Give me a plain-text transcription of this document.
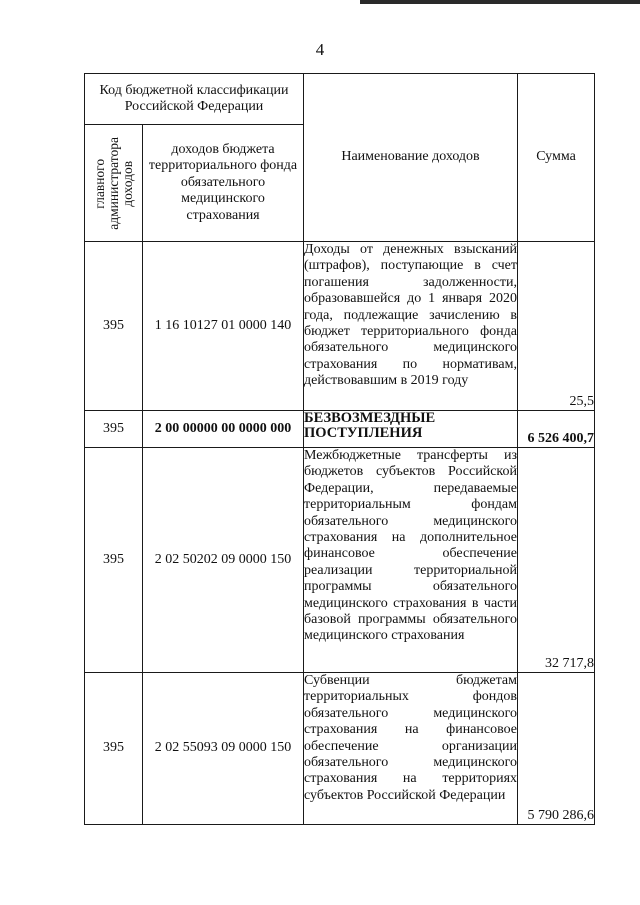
4
Код бюджетной классификации Российской Федерации		Наименование доходов	Сумма

главного
администратора
доходов	доходов бюджета территориального фонда обязательного медицинского страхования		
395	1 16 10127 01 0000 140	Доходы от денежных взысканий (штрафов), поступающие в счет погашения задолженности, образовавшейся до 1 января 2020 года, подлежащие зачислению в бюджет территориального фонда обязательного медицинского страхования по нормативам, действовавшим в 2019 году	25,5
395	2 00 00000 00 0000 000	БЕЗВОЗМЕЗДНЫЕ ПОСТУПЛЕНИЯ	6 526 400,7
395	2 02 50202 09 0000 150	Межбюджетные трансферты из бюджетов субъектов Российской Федерации, передаваемые территориальным фондам обязательного медицинского страхования на дополнительное финансовое обеспечение реализации территориальной программы обязательного медицинского страхования в части базовой программы обязательного медицинского страхования	32 717,8
395	2 02 55093 09 0000 150	Субвенции бюджетам территориальных фондов обязательного медицинского страхования на финансовое обеспечение организации обязательного медицинского страхования на территориях субъектов Российской Федерации	5 790 286,6
